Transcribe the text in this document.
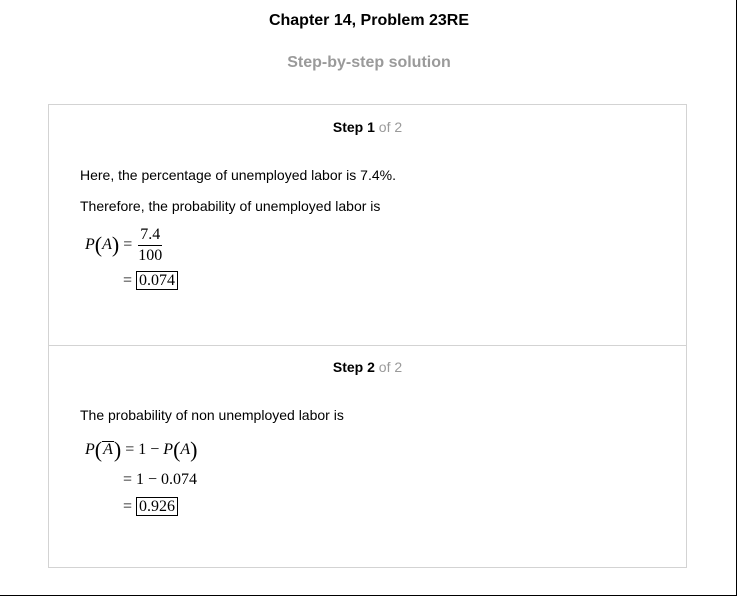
Chapter 14, Problem 23RE
Step-by-step solution
Step 1 of 2
Here, the percentage of unemployed labor is 7.4%.
Therefore, the probability of unemployed labor is
$P(A) = \frac{7.4}{100}$
= 0.074
Step 2 of 2
The probability of non unemployed labor is
P(A) = 1 − P(A)
= 1 − 0.074
= 0.926
